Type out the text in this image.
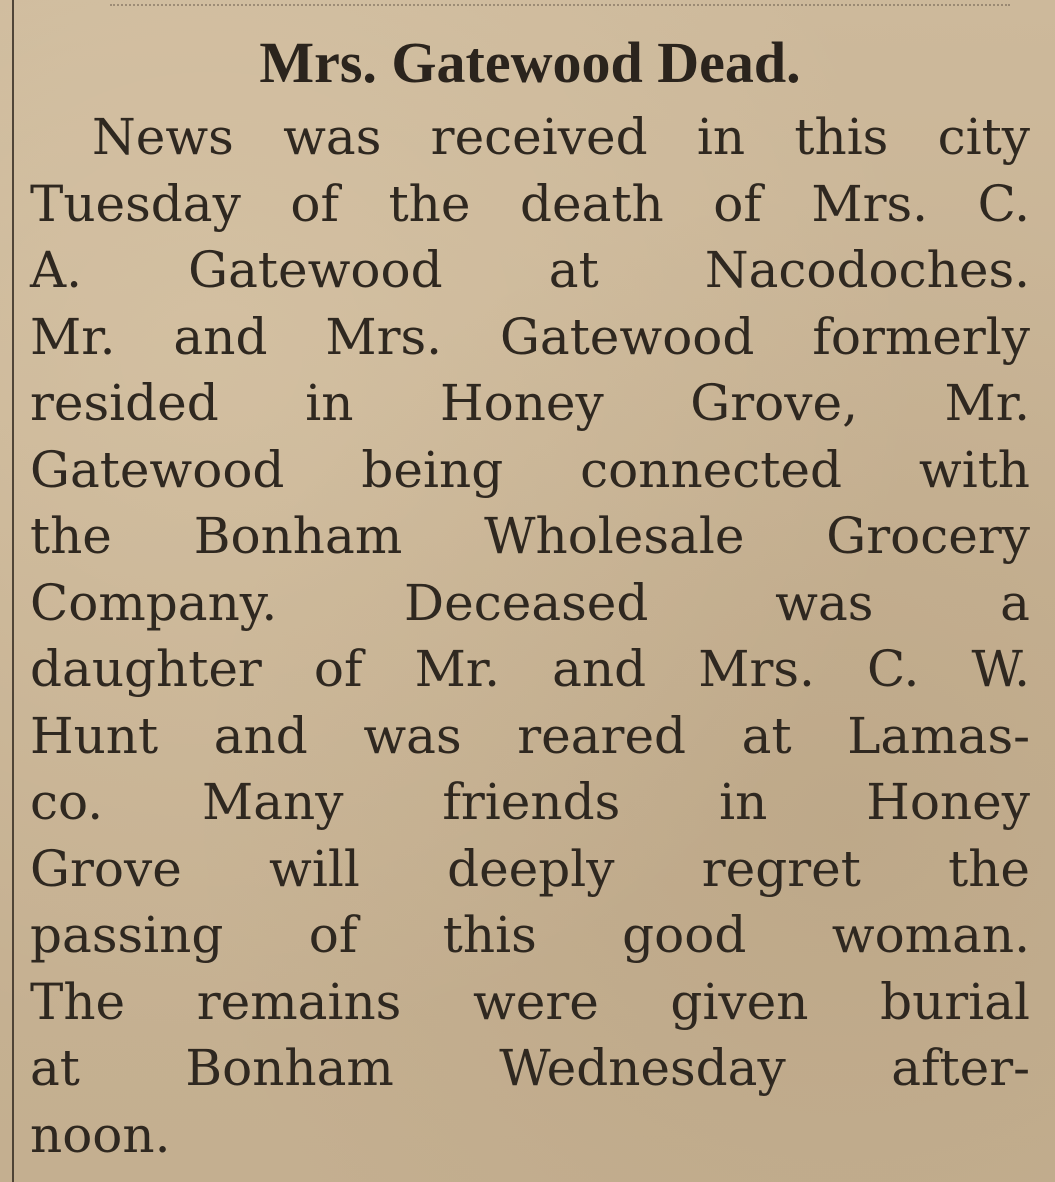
Mrs. Gatewood Dead.
News was received in this city
Tuesday of the death of Mrs. C.
A. Gatewood at Nacodoches.
Mr. and Mrs. Gatewood formerly
resided in Honey Grove, Mr.
Gatewood being connected with
the Bonham Wholesale Grocery
Company. Deceased was a
daughter of Mr. and Mrs. C. W.
Hunt and was reared at Lamas-
co. Many friends in Honey
Grove will deeply regret the
passing of this good woman.
The remains were given burial
at Bonham Wednesday after-
noon.
